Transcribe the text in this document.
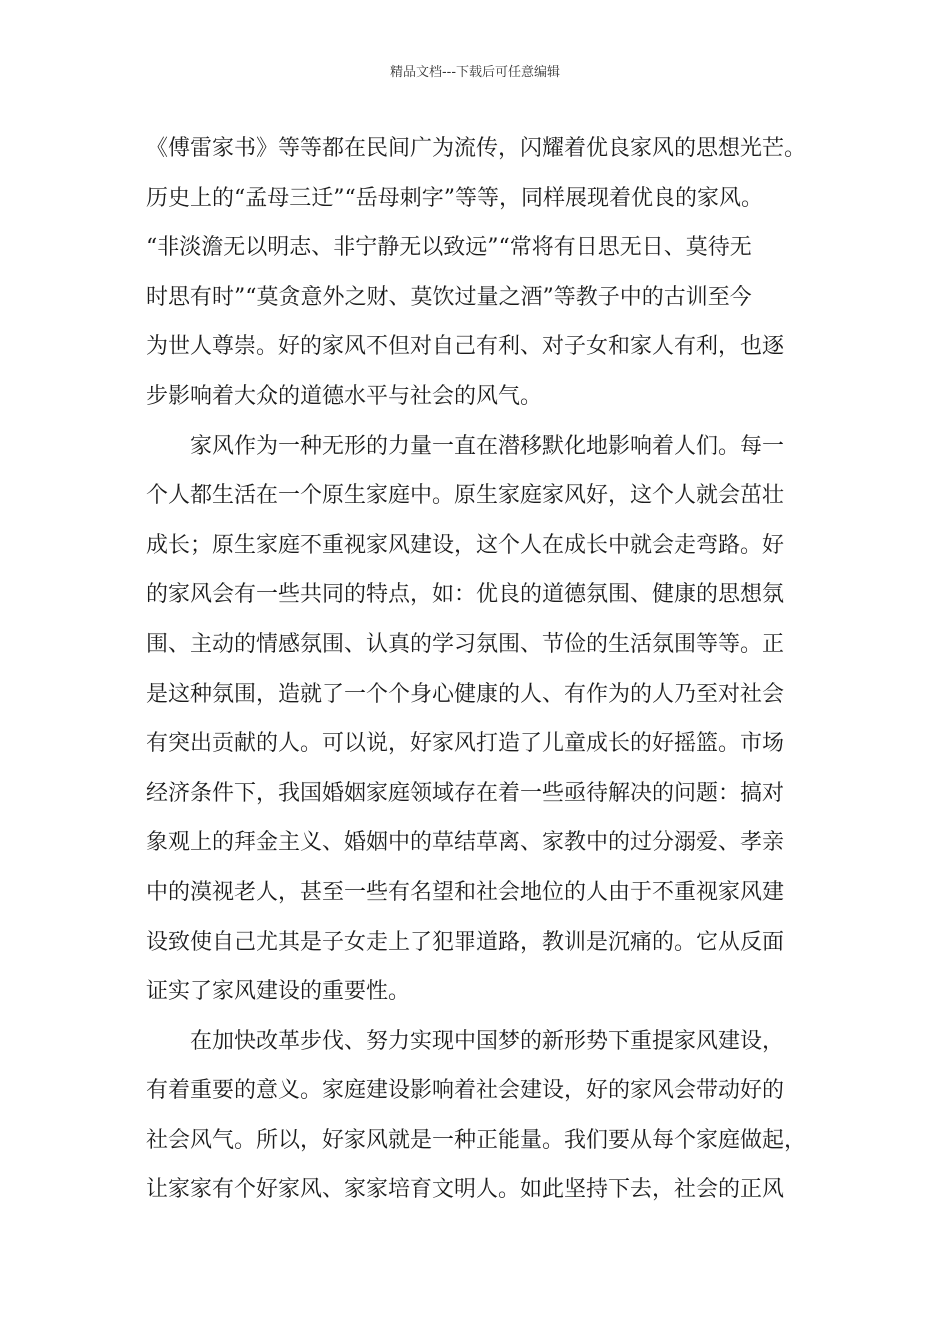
精品文档---下载后可任意编辑
《傅雷家书》等等都在民间广为流传，闪耀着优良家风的思想光芒。
历史上的“孟母三迁”“岳母刺字”等等，同样展现着优良的家风。
“非淡澹无以明志、非宁静无以致远”“常将有日思无日、莫待无
时思有时”“莫贪意外之财、莫饮过量之酒”等教子中的古训至今
为世人尊崇。好的家风不但对自己有利、对子女和家人有利，也逐
步影响着大众的道德水平与社会的风气。
家风作为一种无形的力量一直在潜移默化地影响着人们。每一
个人都生活在一个原生家庭中。原生家庭家风好，这个人就会茁壮
成长；原生家庭不重视家风建设，这个人在成长中就会走弯路。好
的家风会有一些共同的特点，如：优良的道德氛围、健康的思想氛
围、主动的情感氛围、认真的学习氛围、节俭的生活氛围等等。正
是这种氛围，造就了一个个身心健康的人、有作为的人乃至对社会
有突出贡献的人。可以说，好家风打造了儿童成长的好摇篮。市场
经济条件下，我国婚姻家庭领域存在着一些亟待解决的问题：搞对
象观上的拜金主义、婚姻中的草结草离、家教中的过分溺爱、孝亲
中的漠视老人，甚至一些有名望和社会地位的人由于不重视家风建
设致使自己尤其是子女走上了犯罪道路，教训是沉痛的。它从反面
证实了家风建设的重要性。
在加快改革步伐、努力实现中国梦的新形势下重提家风建设，
有着重要的意义。家庭建设影响着社会建设，好的家风会带动好的
社会风气。所以，好家风就是一种正能量。我们要从每个家庭做起，
让家家有个好家风、家家培育文明人。如此坚持下去，社会的正风
